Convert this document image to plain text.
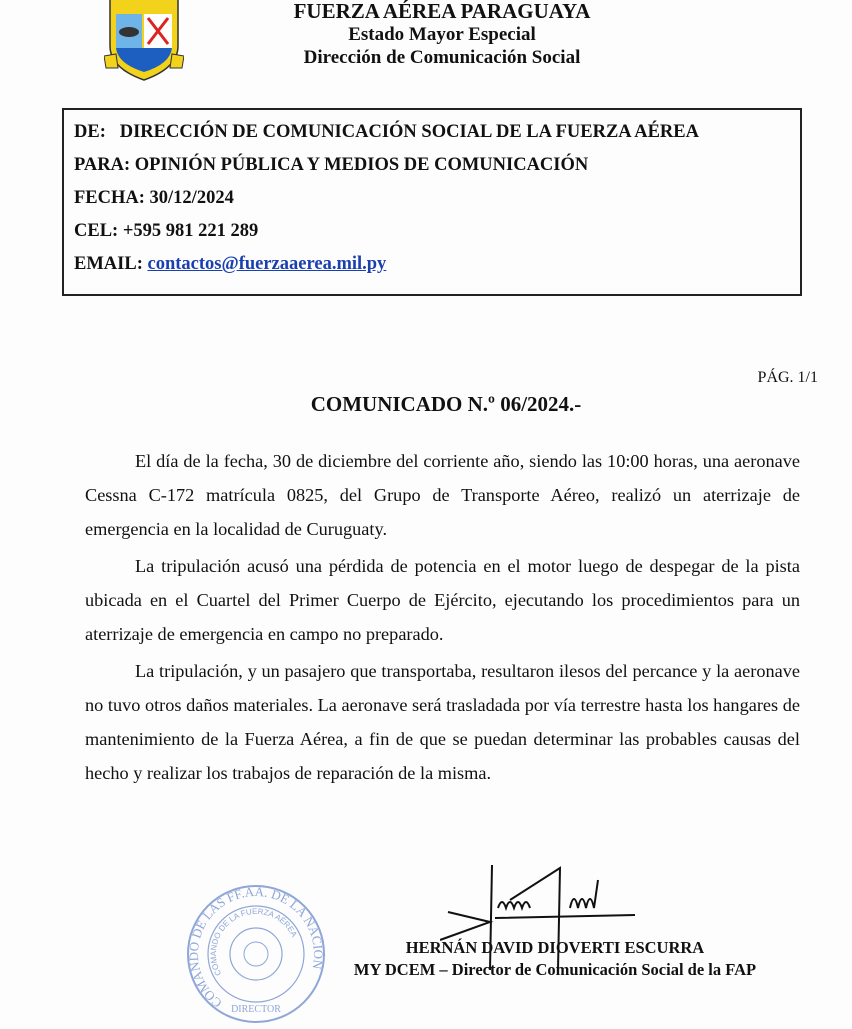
FUERZA AÉREA PARAGUAYA
Estado Mayor Especial
Dirección de Comunicación Social
DE: DIRECCIÓN DE COMUNICACIÓN SOCIAL DE LA FUERZA AÉREA
PARA: OPINIÓN PÚBLICA Y MEDIOS DE COMUNICACIÓN
FECHA: 30/12/2024
CEL: +595 981 221 289
EMAIL: contactos@fuerzaaerea.mil.py
PÁG. 1/1
COMUNICADO N.º 06/2024.-

El día de la fecha, 30 de diciembre del corriente año, siendo las 10:00 horas, una aeronave Cessna C-172 matrícula 0825, del Grupo de Transporte Aéreo, realizó un aterrizaje de emergencia en la localidad de Curuguaty.

La tripulación acusó una pérdida de potencia en el motor luego de despegar de la pista ubicada en el Cuartel del Primer Cuerpo de Ejército, ejecutando los procedimientos para un aterrizaje de emergencia en campo no preparado.

La tripulación, y un pasajero que transportaba, resultaron ilesos del percance y la aeronave no tuvo otros daños materiales. La aeronave será trasladada por vía terrestre hasta los hangares de mantenimiento de la Fuerza Aérea, a fin de que se puedan determinar las probables causas del hecho y realizar los trabajos de reparación de la misma.

COMANDO DE LAS FF.AA. DE LA NACIÓN
COMANDO DE LA FUERZA AÉREA
DIRECTOR
HERNÁN DAVID DIOVERTI ESCURRA
MY DCEM – Director de Comunicación Social de la FAP
